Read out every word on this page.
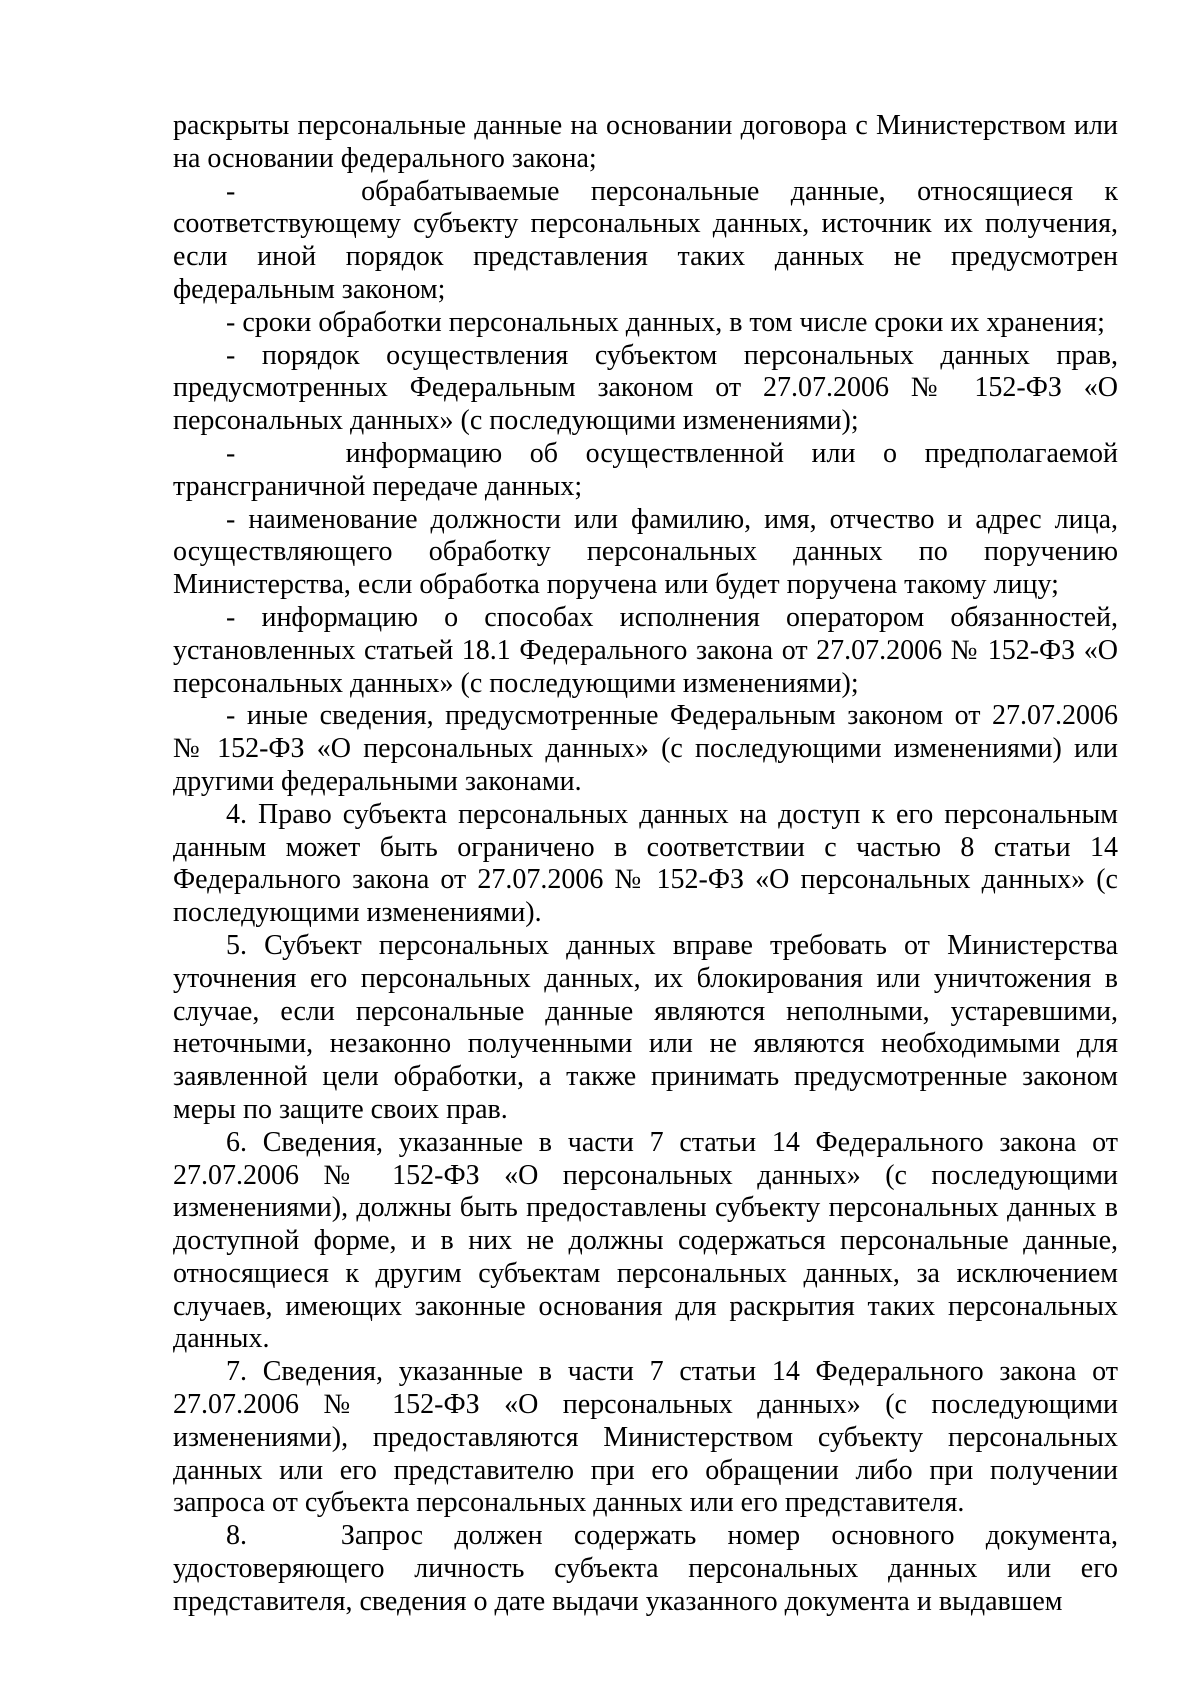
раскрыты персональные данные на основании договора с Министерством или на основании федерального закона;

-    обрабатываемые персональные данные, относящиеся к соответствующему субъекту персональных данных, источник их получения, если иной порядок представления таких данных не предусмотрен федеральным законом;

- сроки обработки персональных данных, в том числе сроки их хранения;

- порядок осуществления субъектом персональных данных прав, предусмотренных Федеральным законом от 27.07.2006 № 152-ФЗ «О персональных данных» (с последующими изменениями);

-    информацию об осуществленной или о предполагаемой трансграничной передаче данных;

- наименование должности или фамилию, имя, отчество и адрес лица, осуществляющего обработку персональных данных по поручению Министерства, если обработка поручена или будет поручена такому лицу;

- информацию о способах исполнения оператором обязанностей, установленных статьей 18.1 Федерального закона от 27.07.2006 № 152-ФЗ «О персональных данных» (с последующими изменениями);

- иные сведения, предусмотренные Федеральным законом от 27.07.2006 № 152-ФЗ «О персональных данных» (с последующими изменениями) или другими федеральными законами.

4. Право субъекта персональных данных на доступ к его персональным данным может быть ограничено в соответствии с частью 8 статьи 14 Федерального закона от 27.07.2006 № 152-ФЗ «О персональных данных» (с последующими изменениями).

5. Субъект персональных данных вправе требовать от Министерства уточнения его персональных данных, их блокирования или уничтожения в случае, если персональные данные являются неполными, устаревшими, неточными, незаконно полученными или не являются необходимыми для заявленной цели обработки, а также принимать предусмотренные законом меры по защите своих прав.

6. Сведения, указанные в части 7 статьи 14 Федерального закона от 27.07.2006 № 152-ФЗ «О персональных данных» (с последующими изменениями), должны быть предоставлены субъекту персональных данных в доступной форме, и в них не должны содержаться персональные данные, относящиеся к другим субъектам персональных данных, за исключением случаев, имеющих законные основания для раскрытия таких персональных данных.

7. Сведения, указанные в части 7 статьи 14 Федерального закона от 27.07.2006 № 152-ФЗ «О персональных данных» (с последующими изменениями), предоставляются Министерством субъекту персональных данных или его представителю при его обращении либо при получении запроса от субъекта персональных данных или его представителя.

8.   Запрос должен содержать номер основного документа, удостоверяющего личность субъекта персональных данных или его представителя, сведения о дате выдачи указанного документа и выдавшем
